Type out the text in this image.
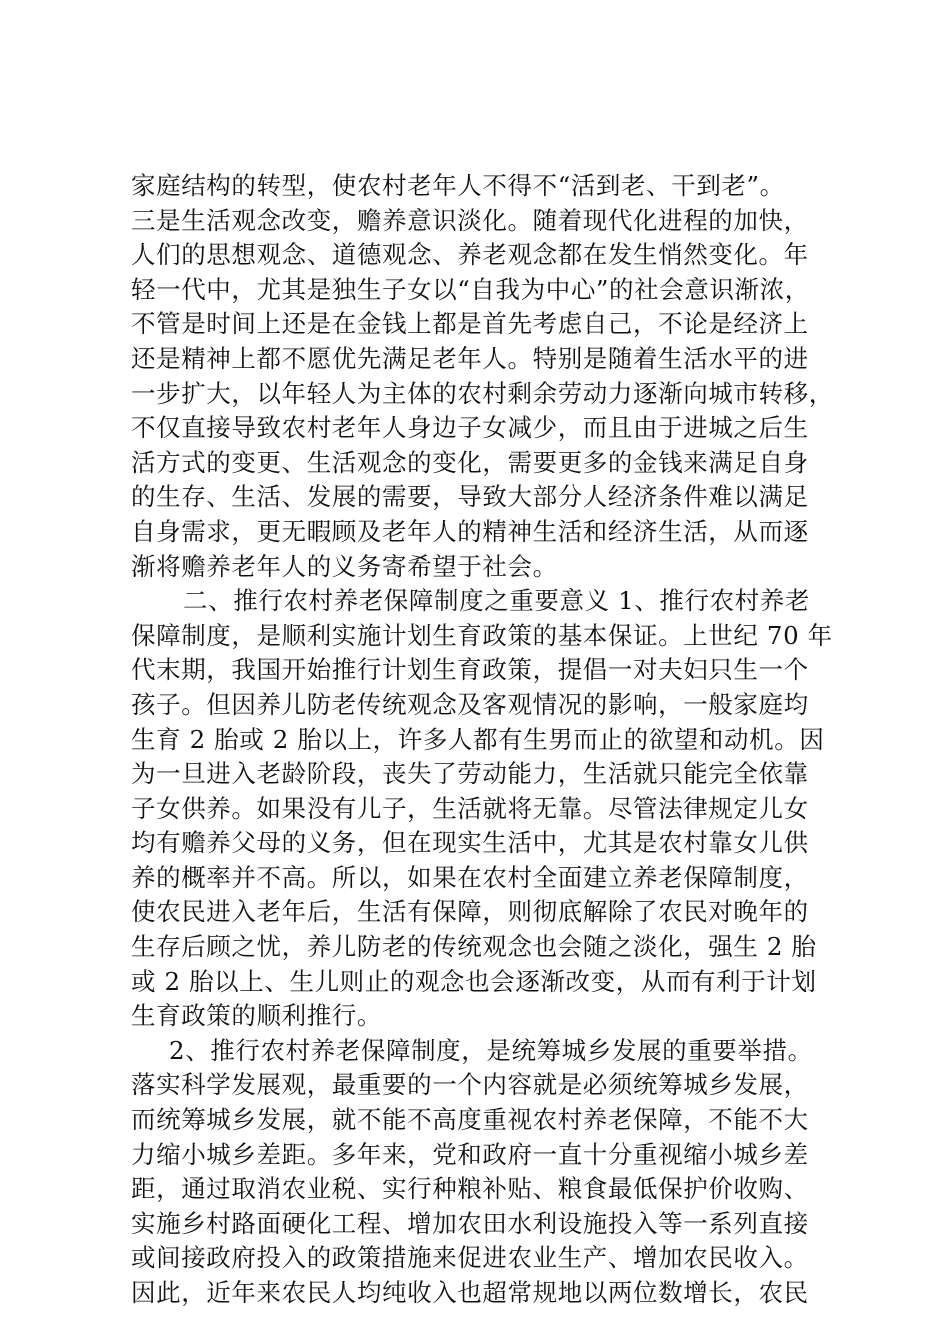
家庭结构的转型，使农村老年人不得不“活到老、干到老”。
三是生活观念改变，赡养意识淡化。随着现代化进程的加快，
人们的思想观念、道德观念、养老观念都在发生悄然变化。年
轻一代中，尤其是独生子女以“自我为中心”的社会意识渐浓，
不管是时间上还是在金钱上都是首先考虑自己，不论是经济上
还是精神上都不愿优先满足老年人。特别是随着生活水平的进
一步扩大，以年轻人为主体的农村剩余劳动力逐渐向城市转移，
不仅直接导致农村老年人身边子女减少，而且由于进城之后生
活方式的变更、生活观念的变化，需要更多的金钱来满足自身
的生存、生活、发展的需要，导致大部分人经济条件难以满足
自身需求，更无暇顾及老年人的精神生活和经济生活，从而逐
渐将赡养老年人的义务寄希望于社会。
二、推行农村养老保障制度之重要意义 1、推行农村养老
保障制度，是顺利实施计划生育政策的基本保证。上世纪 70 年
代末期，我国开始推行计划生育政策，提倡一对夫妇只生一个
孩子。但因养儿防老传统观念及客观情况的影响，一般家庭均
生育 2 胎或 2 胎以上，许多人都有生男而止的欲望和动机。因
为一旦进入老龄阶段，丧失了劳动能力，生活就只能完全依靠
子女供养。如果没有儿子，生活就将无靠。尽管法律规定儿女
均有赡养父母的义务，但在现实生活中，尤其是农村靠女儿供
养的概率并不高。所以，如果在农村全面建立养老保障制度，
使农民进入老年后，生活有保障，则彻底解除了农民对晚年的
生存后顾之忧，养儿防老的传统观念也会随之淡化，强生 2 胎
或 2 胎以上、生儿则止的观念也会逐渐改变，从而有利于计划
生育政策的顺利推行。
2、推行农村养老保障制度，是统筹城乡发展的重要举措。
落实科学发展观，最重要的一个内容就是必须统筹城乡发展，
而统筹城乡发展，就不能不高度重视农村养老保障，不能不大
力缩小城乡差距。多年来，党和政府一直十分重视缩小城乡差
距，通过取消农业税、实行种粮补贴、粮食最低保护价收购、
实施乡村路面硬化工程、增加农田水利设施投入等一系列直接
或间接政府投入的政策措施来促进农业生产、增加农民收入。
因此，近年来农民人均纯收入也超常规地以两位数增长，农民
